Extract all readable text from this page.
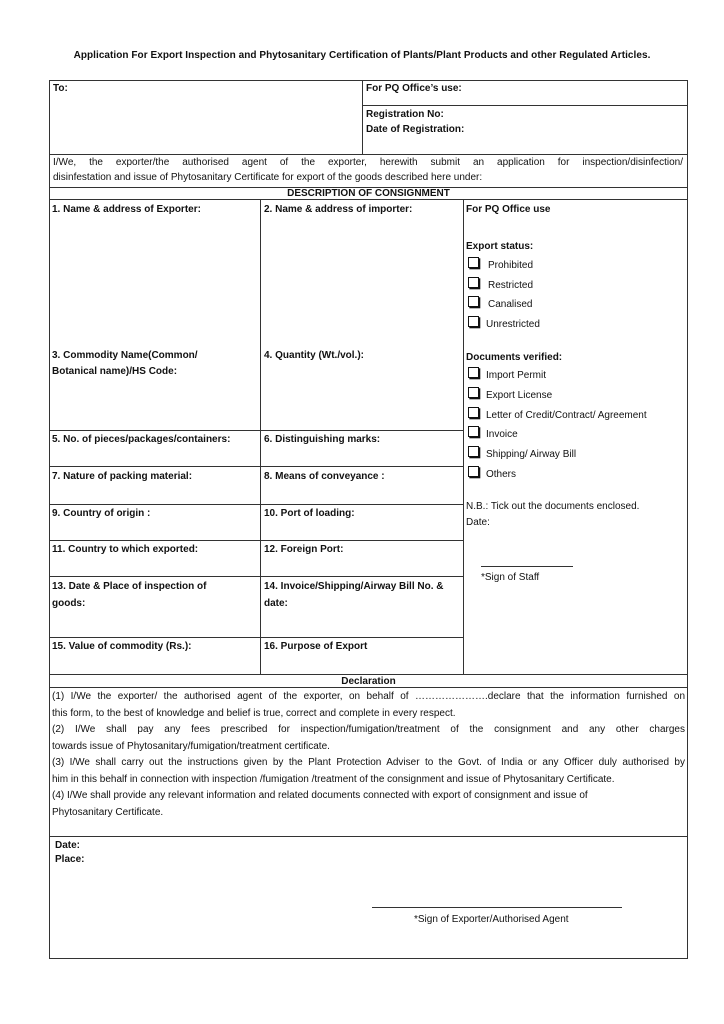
Application For Export Inspection and Phytosanitary Certification of Plants/Plant Products and other Regulated Articles.
To:	For PQ Office’s use:
Registration No:
Date of Registration:
I/We, the exporter/the authorised agent of the exporter, herewith submit an application for inspection/disinfection/
disinfestation and issue of Phytosanitary Certificate for export of the goods described here under:
DESCRIPTION OF CONSIGNMENT
1. Name & address of Exporter:	2. Name & address of importer:
3. Commodity Name(Common/
Botanical name)/HS Code:
4. Quantity (Wt./vol.):
5. No. of pieces/packages/containers:	6. Distinguishing marks:
7. Nature of packing material:	8. Means of conveyance :
9. Country of origin :	10. Port of loading:
11. Country to which exported:	12. Foreign Port:
13. Date & Place of inspection of
goods:
14. Invoice/Shipping/Airway Bill No. &
date:
15. Value of commodity (Rs.):	16. Purpose of Export
For PQ Office use
Export status:
Prohibited
Restricted
Canalised
Unrestricted
Documents verified:
Import Permit
Export License
Letter of Credit/Contract/ Agreement
Invoice
Shipping/ Airway Bill
Others
N.B.: Tick out the documents enclosed.
Date:
*Sign of Staff
Declaration
(1) I/We the exporter/ the authorised agent of the exporter, on behalf of ………………….declare that the information furnished on
this form, to the best of knowledge and belief is true, correct and complete in every respect.
(2) I/We shall pay any fees prescribed for inspection/fumigation/treatment of the consignment and any other charges
towards issue of Phytosanitary/fumigation/treatment certificate.
(3) I/We shall carry out the instructions given by the Plant Protection Adviser to the Govt. of India or any Officer duly authorised by
him in this behalf in connection with inspection /fumigation /treatment of the consignment and issue of Phytosanitary Certificate.
(4) I/We shall provide any relevant information and related documents connected with export of consignment and issue of
Phytosanitary Certificate.
Date:
Place:
*Sign of Exporter/Authorised Agent
